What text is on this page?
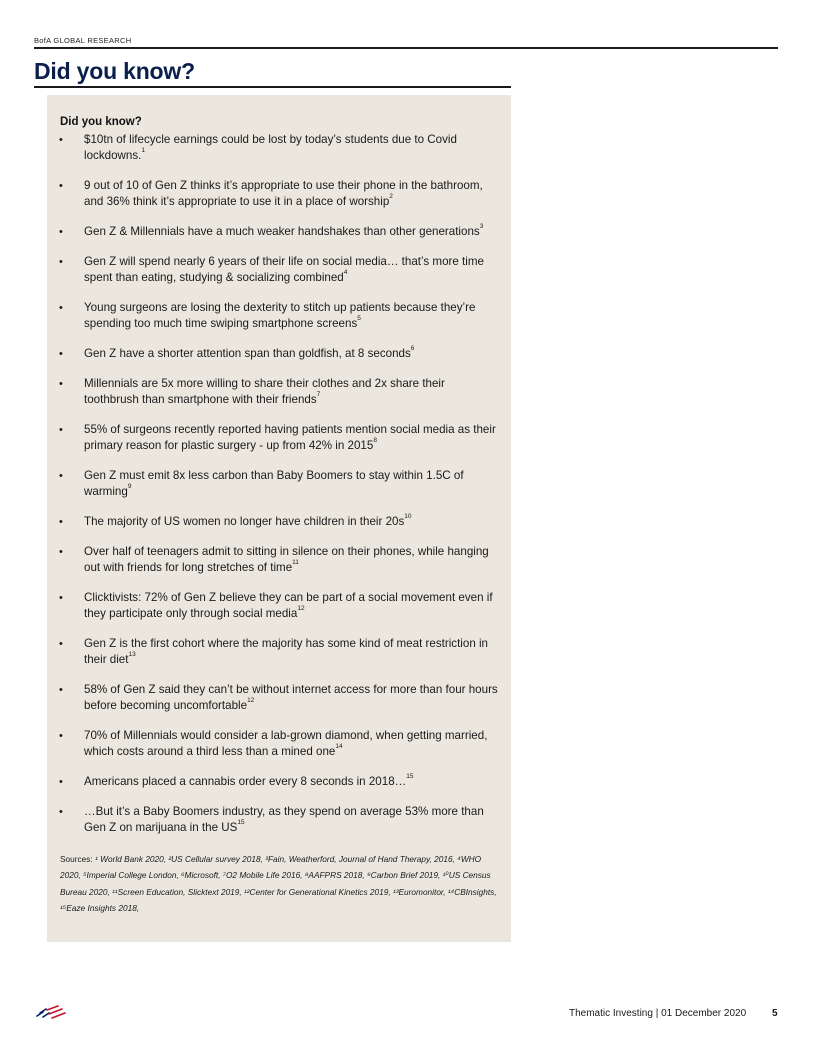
BofA GLOBAL RESEARCH
Did you know?
Did you know?
• $10tn of lifecycle earnings could be lost by today’s students due to Covid lockdowns.$^1$
• 9 out of 10 of Gen Z thinks it’s appropriate to use their phone in the bathroom, and 36% think it’s appropriate to use it in a place of worship$^2$
• Gen Z & Millennials have a much weaker handshakes than other generations$^3$
• Gen Z will spend nearly 6 years of their life on social media… that’s more time spent than eating, studying & socializing combined$^4$
• Young surgeons are losing the dexterity to stitch up patients because they’re spending too much time swiping smartphone screens$^5$
• Gen Z have a shorter attention span than goldfish, at 8 seconds$^6$
• Millennials are 5x more willing to share their clothes and 2x share their toothbrush than smartphone with their friends$^7$
• 55% of surgeons recently reported having patients mention social media as their primary reason for plastic surgery - up from 42% in 2015$^8$
• Gen Z must emit 8x less carbon than Baby Boomers to stay within 1.5C of warming$^9$
• The majority of US women no longer have children in their $20s^{10}$
• Over half of teenagers admit to sitting in silence on their phones, while hanging out with friends for long stretches of time$^{11}$
• Clicktivists: 72% of Gen Z believe they can be part of a social movement even if they participate only through social media$^{12}$
• Gen Z is the first cohort where the majority has some kind of meat restriction in their diet$^{13}$
• 58% of Gen Z said they can’t be without internet access for more than four hours before becoming uncomfortable$^{12}$
• 70% of Millennials would consider a lab-grown diamond, when getting married, which costs around a third less than a mined one$^{14}$
• Americans placed a cannabis order every 8 seconds in 2018…$^{15}$
• …But it’s a Baby Boomers industry, as they spend on average 53% more than Gen Z on marijuana in the US$^{15}$
Sources: ¹ World Bank 2020, ²US Cellular survey 2018, ³Fain, Weatherford, Journal of Hand Therapy, 2016, ⁴WHO 2020, ⁵Imperial College London, ⁶Microsoft, ⁷O2 Mobile Life 2016, ⁸AAFPRS 2018, ⁹Carbon Brief 2019, ¹⁰US Census Bureau 2020, ¹¹Screen Education, Slicktext 2019, ¹²Center for Generational Kinetics 2019, ¹³Euromonitor, ¹⁴CBInsights, ¹⁵Eaze Insights 2018,
Thematic Investing | 01 December 2020	5
